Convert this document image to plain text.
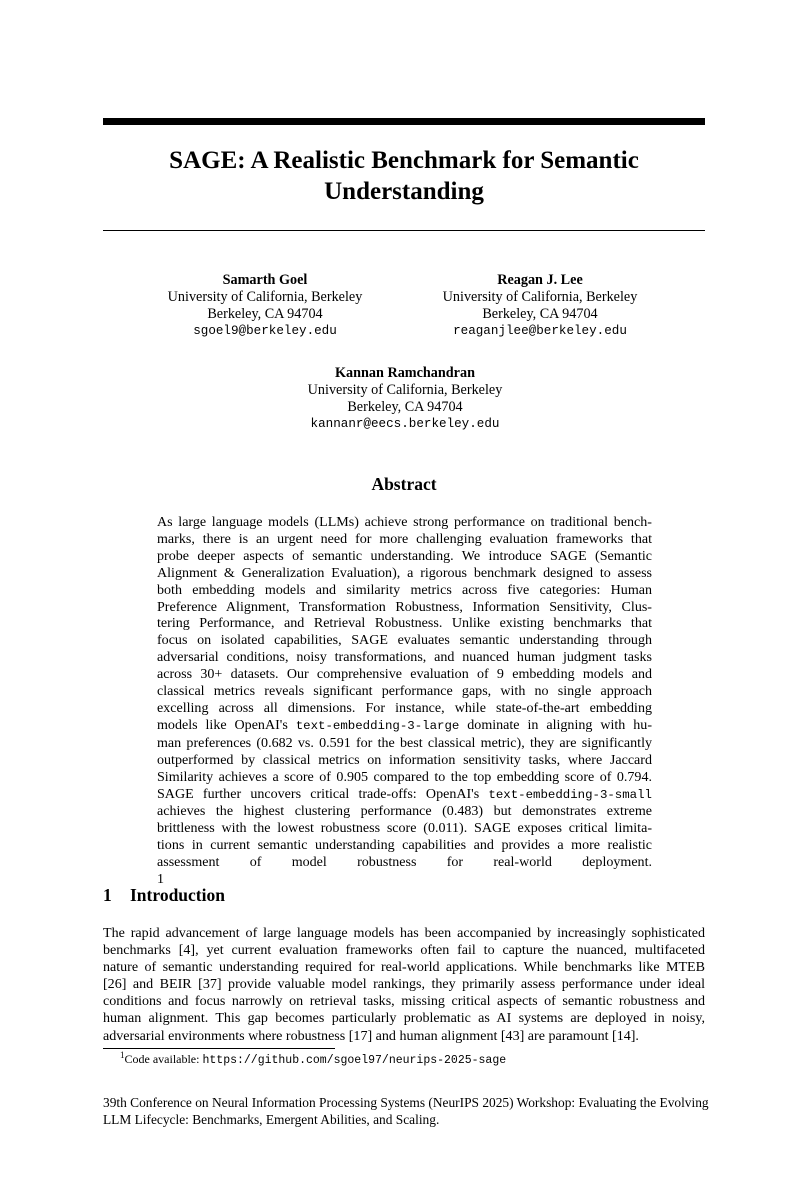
SAGE: A Realistic Benchmark for Semantic
Understanding
Samarth Goel
University of California, Berkeley
Berkeley, CA 94704
sgoel9@berkeley.edu
Reagan J. Lee
University of California, Berkeley
Berkeley, CA 94704
reaganjlee@berkeley.edu
Kannan Ramchandran
University of California, Berkeley
Berkeley, CA 94704
kannanr@eecs.berkeley.edu
Abstract
As large language models (LLMs) achieve strong performance on traditional bench-
marks, there is an urgent need for more challenging evaluation frameworks that
probe deeper aspects of semantic understanding. We introduce SAGE (Semantic
Alignment & Generalization Evaluation), a rigorous benchmark designed to assess
both embedding models and similarity metrics across five categories: Human
Preference Alignment, Transformation Robustness, Information Sensitivity, Clus-
tering Performance, and Retrieval Robustness. Unlike existing benchmarks that
focus on isolated capabilities, SAGE evaluates semantic understanding through
adversarial conditions, noisy transformations, and nuanced human judgment tasks
across 30+ datasets. Our comprehensive evaluation of 9 embedding models and
classical metrics reveals significant performance gaps, with no single approach
excelling across all dimensions. For instance, while state-of-the-art embedding
models like OpenAI's text-embedding-3-large dominate in aligning with hu-
man preferences (0.682 vs. 0.591 for the best classical metric), they are significantly
outperformed by classical metrics on information sensitivity tasks, where Jaccard
Similarity achieves a score of 0.905 compared to the top embedding score of 0.794.
SAGE further uncovers critical trade-offs: OpenAI's text-embedding-3-small
achieves the highest clustering performance (0.483) but demonstrates extreme
brittleness with the lowest robustness score (0.011). SAGE exposes critical limita-
tions in current semantic understanding capabilities and provides a more realistic
assessment of model robustness for real-world deployment.
1
1 Introduction
The rapid advancement of large language models has been accompanied by increasingly sophisticated
benchmarks [4], yet current evaluation frameworks often fail to capture the nuanced, multifaceted
nature of semantic understanding required for real-world applications. While benchmarks like MTEB
[26] and BEIR [37] provide valuable model rankings, they primarily assess performance under ideal
conditions and focus narrowly on retrieval tasks, missing critical aspects of semantic robustness and
human alignment. This gap becomes particularly problematic as AI systems are deployed in noisy,
adversarial environments where robustness [17] and human alignment [43] are paramount [14].
$^1$Code available: https://github.com/sgoel97/neurips-2025-sage
39th Conference on Neural Information Processing Systems (NeurIPS 2025) Workshop: Evaluating the Evolving
LLM Lifecycle: Benchmarks, Emergent Abilities, and Scaling.
